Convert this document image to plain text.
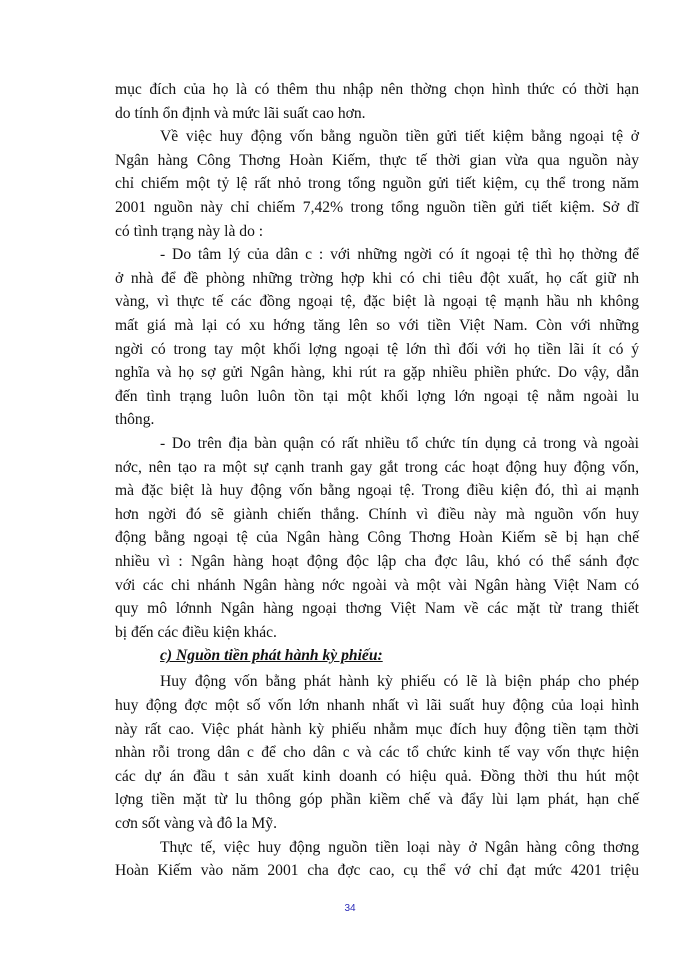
mục đích của họ là có thêm thu nhập nên thờng chọn hình thức có thời hạn
do tính ổn định và mức lãi suất cao hơn.
Về việc huy động vốn bằng nguồn tiền gửi tiết kiệm bằng ngoại tệ ở
Ngân hàng Công Thơng Hoàn Kiếm, thực tế thời gian vừa qua nguồn này
chỉ chiếm một tỷ lệ rất nhỏ trong tổng nguồn gửi tiết kiệm, cụ thể trong năm
2001 nguồn này chỉ chiếm 7,42% trong tổng nguồn tiền gửi tiết kiệm. Sở dĩ
có tình trạng này là do :
- Do tâm lý của dân c : với những ngời có ít ngoại tệ thì họ thờng để
ở nhà để đề phòng những trờng hợp khi có chi tiêu đột xuất, họ cất giữ nh
vàng, vì thực tế các đồng ngoại tệ, đặc biệt là ngoại tệ mạnh hầu nh không
mất giá mà lại có xu hớng tăng lên so với tiền Việt Nam. Còn với những
ngời có trong tay một khối lợng ngoại tệ lớn thì đối với họ tiền lãi ít có ý
nghĩa và họ sợ gửi Ngân hàng, khi rút ra gặp nhiều phiền phức. Do vậy, dẫn
đến tình trạng luôn luôn tồn tại một khối lợng lớn ngoại tệ nằm ngoài lu
thông.
- Do trên địa bàn quận có rất nhiều tổ chức tín dụng cả trong và ngoài
nớc, nên tạo ra một sự cạnh tranh gay gắt trong các hoạt động huy động vốn,
mà đặc biệt là huy động vốn bằng ngoại tệ. Trong điều kiện đó, thì ai mạnh
hơn ngời đó sẽ giành chiến thắng. Chính vì điều này mà nguồn vốn huy
động bằng ngoại tệ của Ngân hàng Công Thơng Hoàn Kiếm sẽ bị hạn chế
nhiều vì : Ngân hàng hoạt động độc lập cha đợc lâu, khó có thể sánh đợc
với các chi nhánh Ngân hàng nớc ngoài và một vài Ngân hàng Việt Nam có
quy mô lớnnh Ngân hàng ngoại thơng Việt Nam về các mặt từ trang thiết
bị đến các điều kiện khác.
c) Nguồn tiền phát hành kỳ phiếu:
Huy động vốn bằng phát hành kỳ phiếu có lẽ là biện pháp cho phép
huy động đợc một số vốn lớn nhanh nhất vì lãi suất huy động của loại hình
này rất cao. Việc phát hành kỳ phiếu nhằm mục đích huy động tiền tạm thời
nhàn rỗi trong dân c để cho dân c và các tổ chức kinh tế vay vốn thực hiện
các dự án đầu t sản xuất kinh doanh có hiệu quả. Đồng thời thu hút một
lợng tiền mặt từ lu thông góp phần kiềm chế và đẩy lùi lạm phát, hạn chế
cơn sốt vàng và đô la Mỹ.
Thực tế, việc huy động nguồn tiền loại này ở Ngân hàng công thơng
Hoàn Kiếm vào năm 2001 cha đợc cao, cụ thể vớ chỉ đạt mức 4201 triệu
34
